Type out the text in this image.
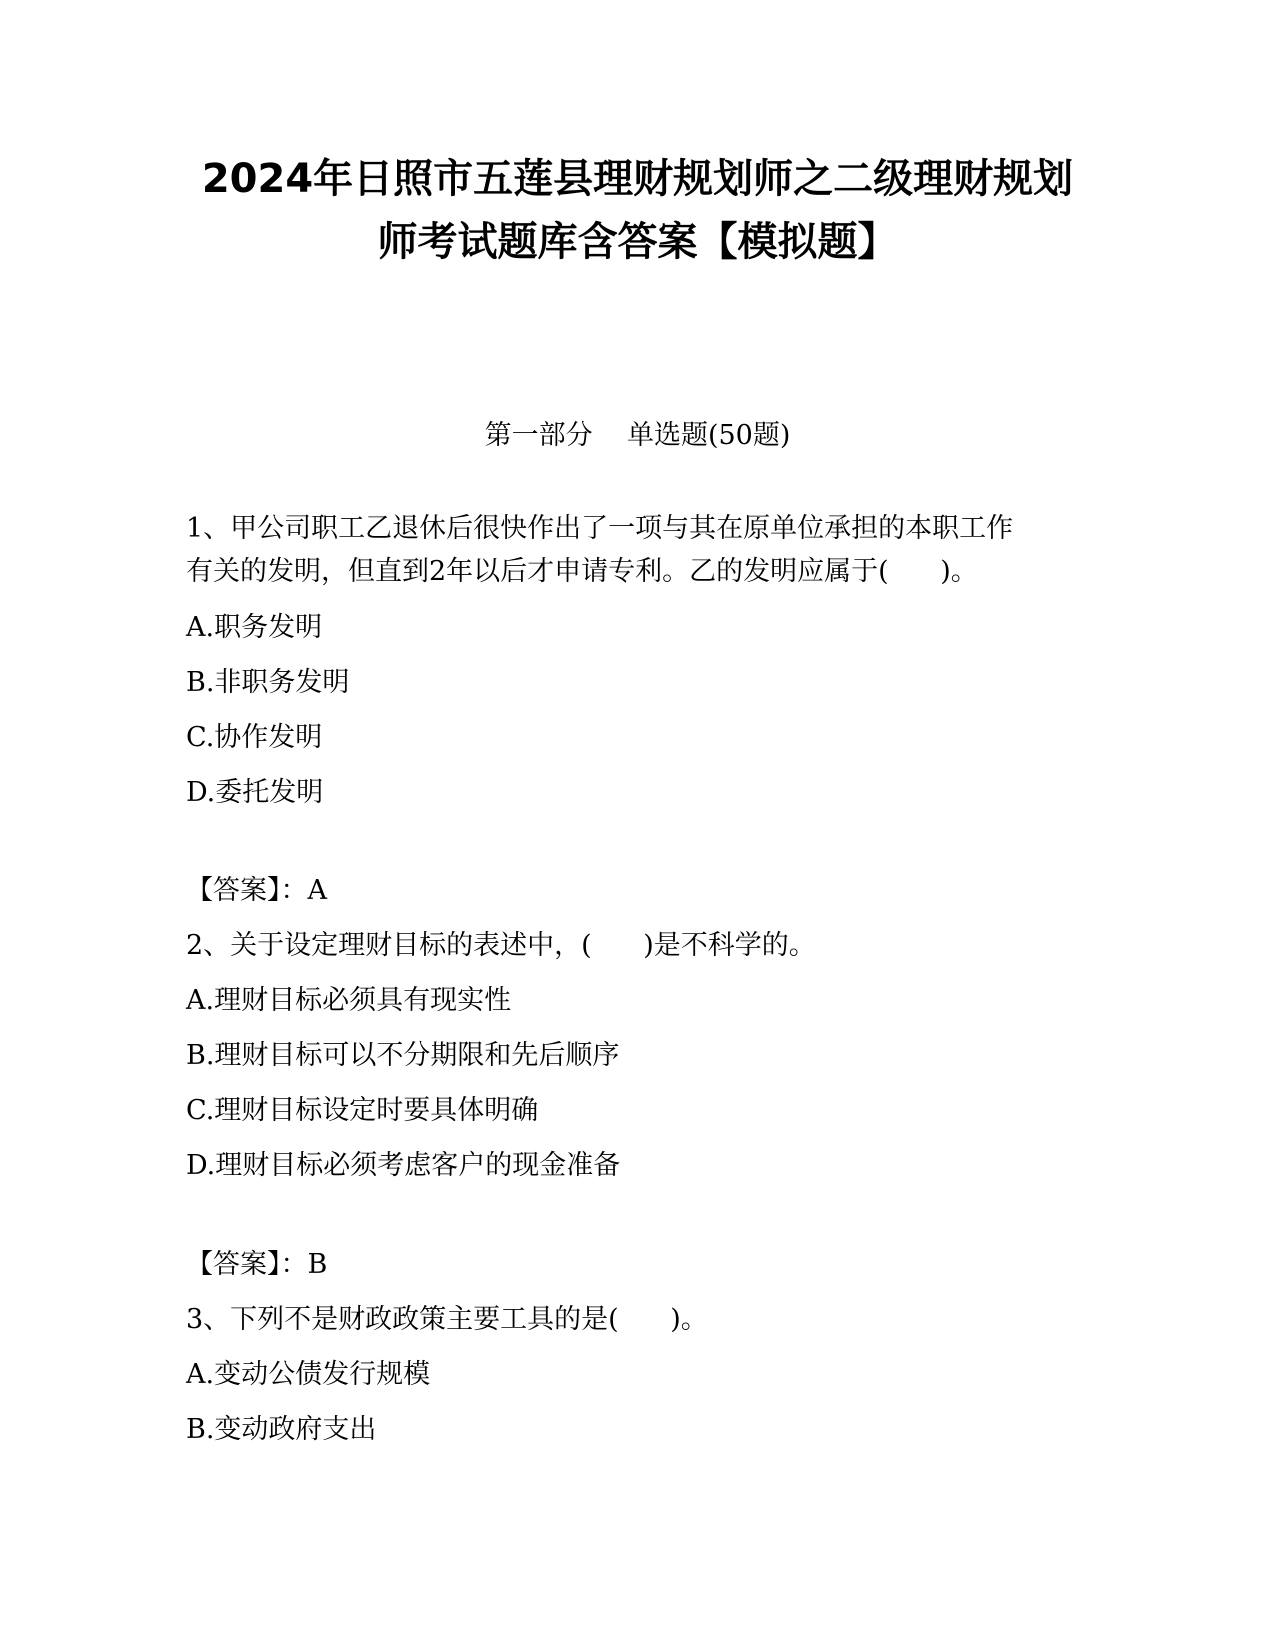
2024年日照市五莲县理财规划师之二级理财规划
师考试题库含答案【模拟题】
第一部分    单选题(50题)
1、甲公司职工乙退休后很快作出了一项与其在原单位承担的本职工作
有关的发明，但直到2年以后才申请专利。乙的发明应属于(      )。
A.职务发明
B.非职务发明
C.协作发明
D.委托发明
【答案】：A
2、关于设定理财目标的表述中，(      )是不科学的。
A.理财目标必须具有现实性
B.理财目标可以不分期限和先后顺序
C.理财目标设定时要具体明确
D.理财目标必须考虑客户的现金准备
【答案】：B
3、下列不是财政政策主要工具的是(      )。
A.变动公债发行规模
B.变动政府支出
